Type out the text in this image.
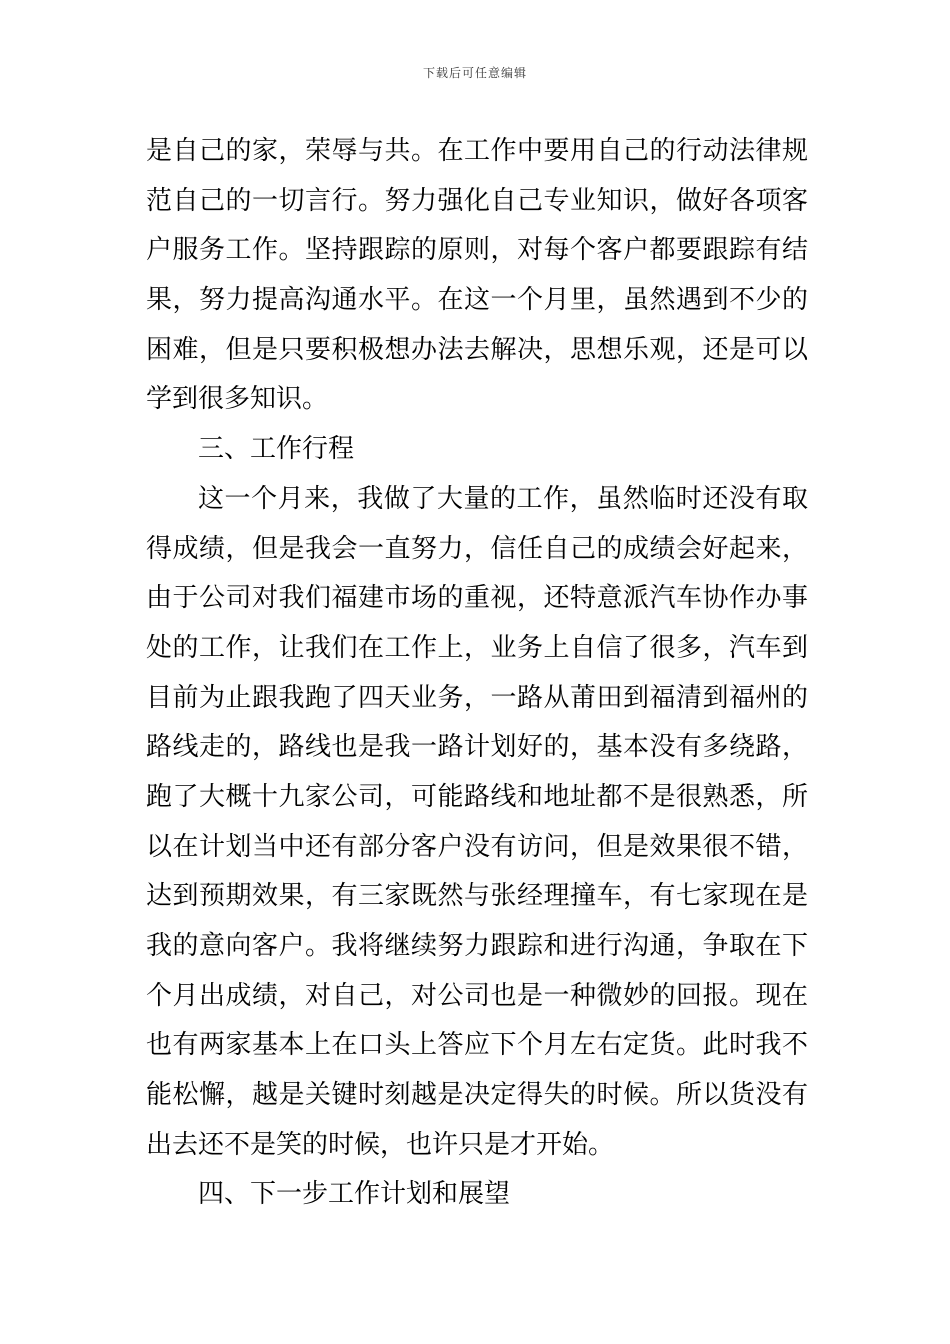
下载后可任意编辑
是自己的家，荣辱与共。在工作中要用自己的行动法律规
范自己的一切言行。努力强化自己专业知识，做好各项客
户服务工作。坚持跟踪的原则，对每个客户都要跟踪有结
果，努力提高沟通水平。在这一个月里，虽然遇到不少的
困难，但是只要积极想办法去解决，思想乐观，还是可以
学到很多知识。
三、工作行程
这一个月来，我做了大量的工作，虽然临时还没有取
得成绩，但是我会一直努力，信任自己的成绩会好起来，
由于公司对我们福建市场的重视，还特意派汽车协作办事
处的工作，让我们在工作上，业务上自信了很多，汽车到
目前为止跟我跑了四天业务，一路从莆田到福清到福州的
路线走的，路线也是我一路计划好的，基本没有多绕路，
跑了大概十九家公司，可能路线和地址都不是很熟悉，所
以在计划当中还有部分客户没有访问，但是效果很不错，
达到预期效果，有三家既然与张经理撞车，有七家现在是
我的意向客户。我将继续努力跟踪和进行沟通，争取在下
个月出成绩，对自己，对公司也是一种微妙的回报。现在
也有两家基本上在口头上答应下个月左右定货。此时我不
能松懈，越是关键时刻越是决定得失的时候。所以货没有
出去还不是笑的时候，也许只是才开始。
四、下一步工作计划和展望
